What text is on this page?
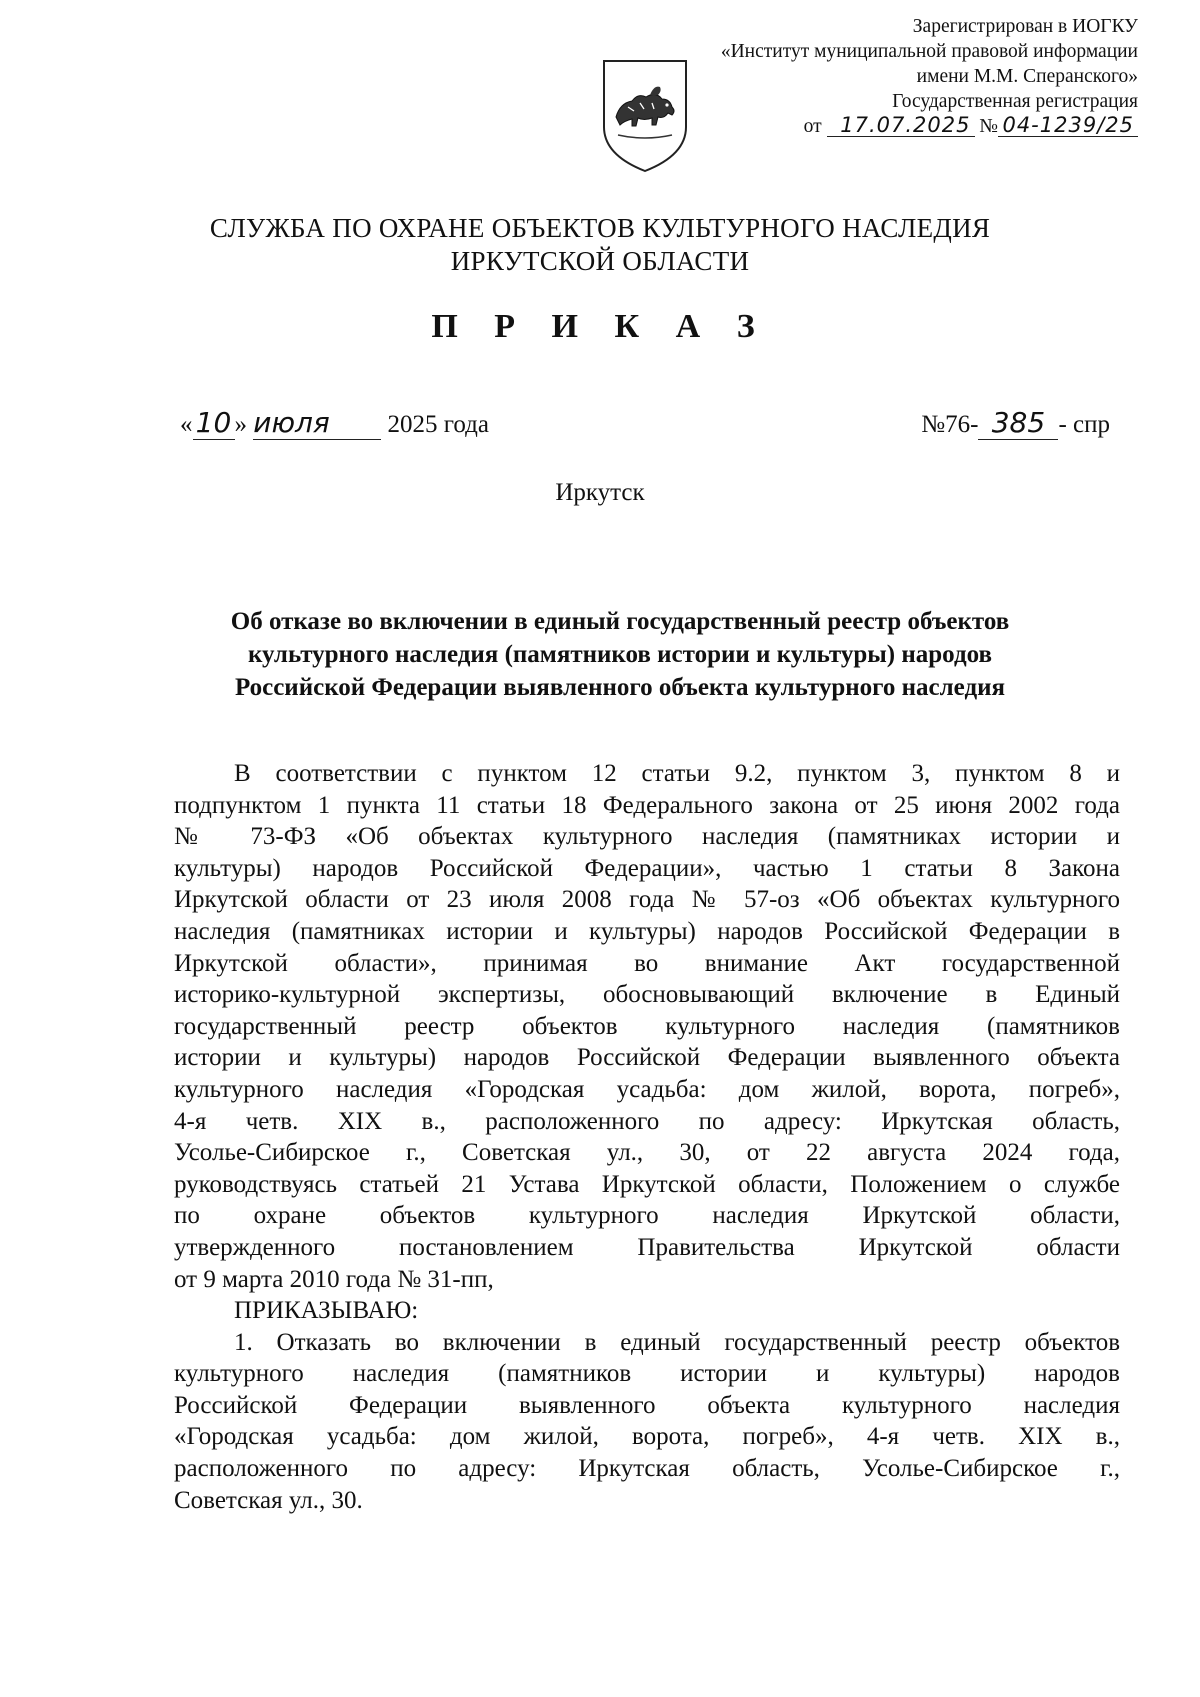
Зарегистрирован в ИОГКУ
«Институт муниципальной правовой информации
имени М.М. Сперанского»
Государственная регистрация
от 17.07.2025 № 04-1239/25
СЛУЖБА ПО ОХРАНЕ ОБЪЕКТОВ КУЛЬТУРНОГО НАСЛЕДИЯ
ИРКУТСКОЙ ОБЛАСТИ
П Р И К А З
« 10 » июля 2025 года	№76- 385 - спр
Иркутск
Об отказе во включении в единый государственный реестр объектов
культурного наследия (памятников истории и культуры) народов
Российской Федерации выявленного объекта культурного наследия
В соответствии с пунктом 12 статьи 9.2, пунктом 3, пунктом 8 и
подпунктом 1 пункта 11 статьи 18 Федерального закона от 25 июня 2002 года
№ 73-ФЗ «Об объектах культурного наследия (памятниках истории и
культуры) народов Российской Федерации», частью 1 статьи 8 Закона
Иркутской области от 23 июля 2008 года № 57-оз «Об объектах культурного
наследия (памятниках истории и культуры) народов Российской Федерации в
Иркутской области», принимая во внимание Акт государственной
историко-культурной экспертизы, обосновывающий включение в Единый
государственный реестр объектов культурного наследия (памятников
истории и культуры) народов Российской Федерации выявленного объекта
культурного наследия «Городская усадьба: дом жилой, ворота, погреб»,
4-я четв. XIX в., расположенного по адресу: Иркутская область,
Усолье-Сибирское г., Советская ул., 30, от 22 августа 2024 года,
руководствуясь статьей 21 Устава Иркутской области, Положением о службе
по охране объектов культурного наследия Иркутской области,
утвержденного постановлением Правительства Иркутской области
от 9 марта 2010 года № 31-пп,
ПРИКАЗЫВАЮ:
1. Отказать во включении в единый государственный реестр объектов
культурного наследия (памятников истории и культуры) народов
Российской Федерации выявленного объекта культурного наследия
«Городская усадьба: дом жилой, ворота, погреб», 4-я четв. XIX в.,
расположенного по адресу: Иркутская область, Усолье-Сибирское г.,
Советская ул., 30.
